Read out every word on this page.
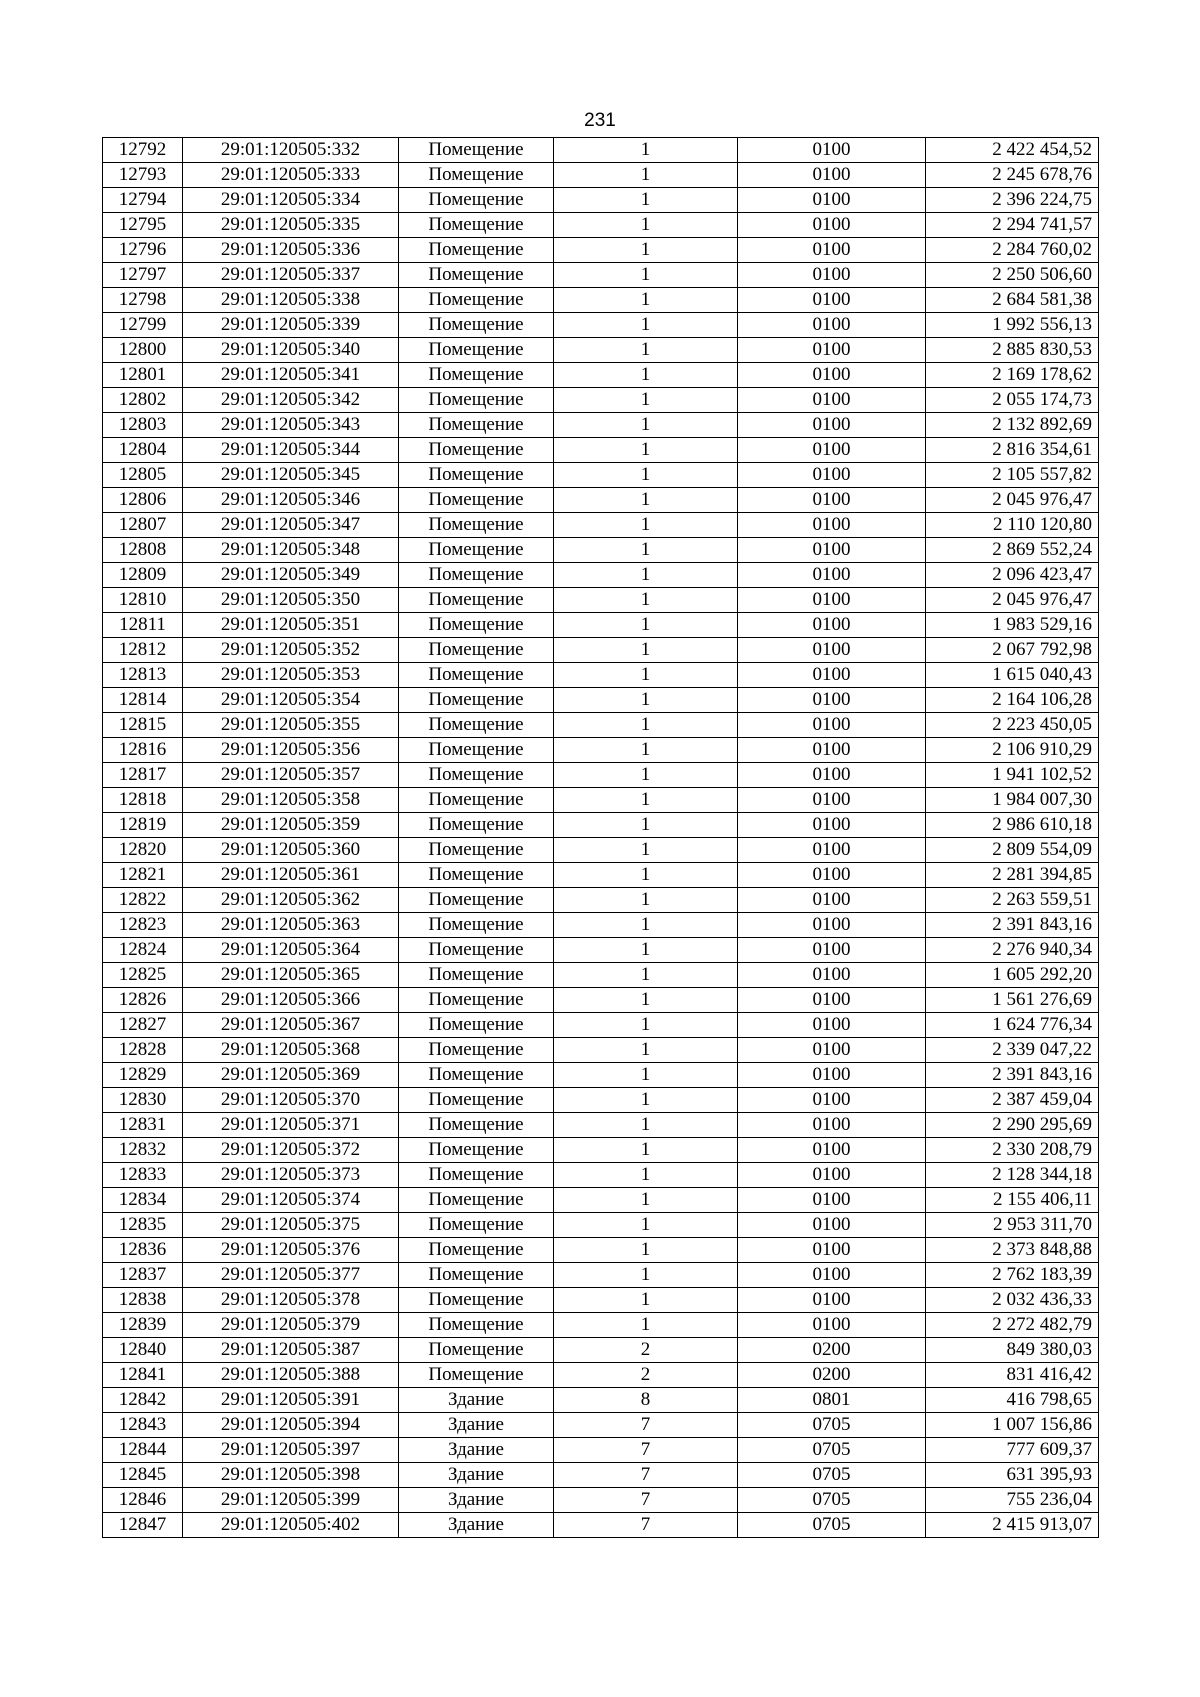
231
12792	29:01:120505:332	Помещение	1	0100	2 422 454,52
12793	29:01:120505:333	Помещение	1	0100	2 245 678,76
12794	29:01:120505:334	Помещение	1	0100	2 396 224,75
12795	29:01:120505:335	Помещение	1	0100	2 294 741,57
12796	29:01:120505:336	Помещение	1	0100	2 284 760,02
12797	29:01:120505:337	Помещение	1	0100	2 250 506,60
12798	29:01:120505:338	Помещение	1	0100	2 684 581,38
12799	29:01:120505:339	Помещение	1	0100	1 992 556,13
12800	29:01:120505:340	Помещение	1	0100	2 885 830,53
12801	29:01:120505:341	Помещение	1	0100	2 169 178,62
12802	29:01:120505:342	Помещение	1	0100	2 055 174,73
12803	29:01:120505:343	Помещение	1	0100	2 132 892,69
12804	29:01:120505:344	Помещение	1	0100	2 816 354,61
12805	29:01:120505:345	Помещение	1	0100	2 105 557,82
12806	29:01:120505:346	Помещение	1	0100	2 045 976,47
12807	29:01:120505:347	Помещение	1	0100	2 110 120,80
12808	29:01:120505:348	Помещение	1	0100	2 869 552,24
12809	29:01:120505:349	Помещение	1	0100	2 096 423,47
12810	29:01:120505:350	Помещение	1	0100	2 045 976,47
12811	29:01:120505:351	Помещение	1	0100	1 983 529,16
12812	29:01:120505:352	Помещение	1	0100	2 067 792,98
12813	29:01:120505:353	Помещение	1	0100	1 615 040,43
12814	29:01:120505:354	Помещение	1	0100	2 164 106,28
12815	29:01:120505:355	Помещение	1	0100	2 223 450,05
12816	29:01:120505:356	Помещение	1	0100	2 106 910,29
12817	29:01:120505:357	Помещение	1	0100	1 941 102,52
12818	29:01:120505:358	Помещение	1	0100	1 984 007,30
12819	29:01:120505:359	Помещение	1	0100	2 986 610,18
12820	29:01:120505:360	Помещение	1	0100	2 809 554,09
12821	29:01:120505:361	Помещение	1	0100	2 281 394,85
12822	29:01:120505:362	Помещение	1	0100	2 263 559,51
12823	29:01:120505:363	Помещение	1	0100	2 391 843,16
12824	29:01:120505:364	Помещение	1	0100	2 276 940,34
12825	29:01:120505:365	Помещение	1	0100	1 605 292,20
12826	29:01:120505:366	Помещение	1	0100	1 561 276,69
12827	29:01:120505:367	Помещение	1	0100	1 624 776,34
12828	29:01:120505:368	Помещение	1	0100	2 339 047,22
12829	29:01:120505:369	Помещение	1	0100	2 391 843,16
12830	29:01:120505:370	Помещение	1	0100	2 387 459,04
12831	29:01:120505:371	Помещение	1	0100	2 290 295,69
12832	29:01:120505:372	Помещение	1	0100	2 330 208,79
12833	29:01:120505:373	Помещение	1	0100	2 128 344,18
12834	29:01:120505:374	Помещение	1	0100	2 155 406,11
12835	29:01:120505:375	Помещение	1	0100	2 953 311,70
12836	29:01:120505:376	Помещение	1	0100	2 373 848,88
12837	29:01:120505:377	Помещение	1	0100	2 762 183,39
12838	29:01:120505:378	Помещение	1	0100	2 032 436,33
12839	29:01:120505:379	Помещение	1	0100	2 272 482,79
12840	29:01:120505:387	Помещение	2	0200	849 380,03
12841	29:01:120505:388	Помещение	2	0200	831 416,42
12842	29:01:120505:391	Здание	8	0801	416 798,65
12843	29:01:120505:394	Здание	7	0705	1 007 156,86
12844	29:01:120505:397	Здание	7	0705	777 609,37
12845	29:01:120505:398	Здание	7	0705	631 395,93
12846	29:01:120505:399	Здание	7	0705	755 236,04
12847	29:01:120505:402	Здание	7	0705	2 415 913,07
